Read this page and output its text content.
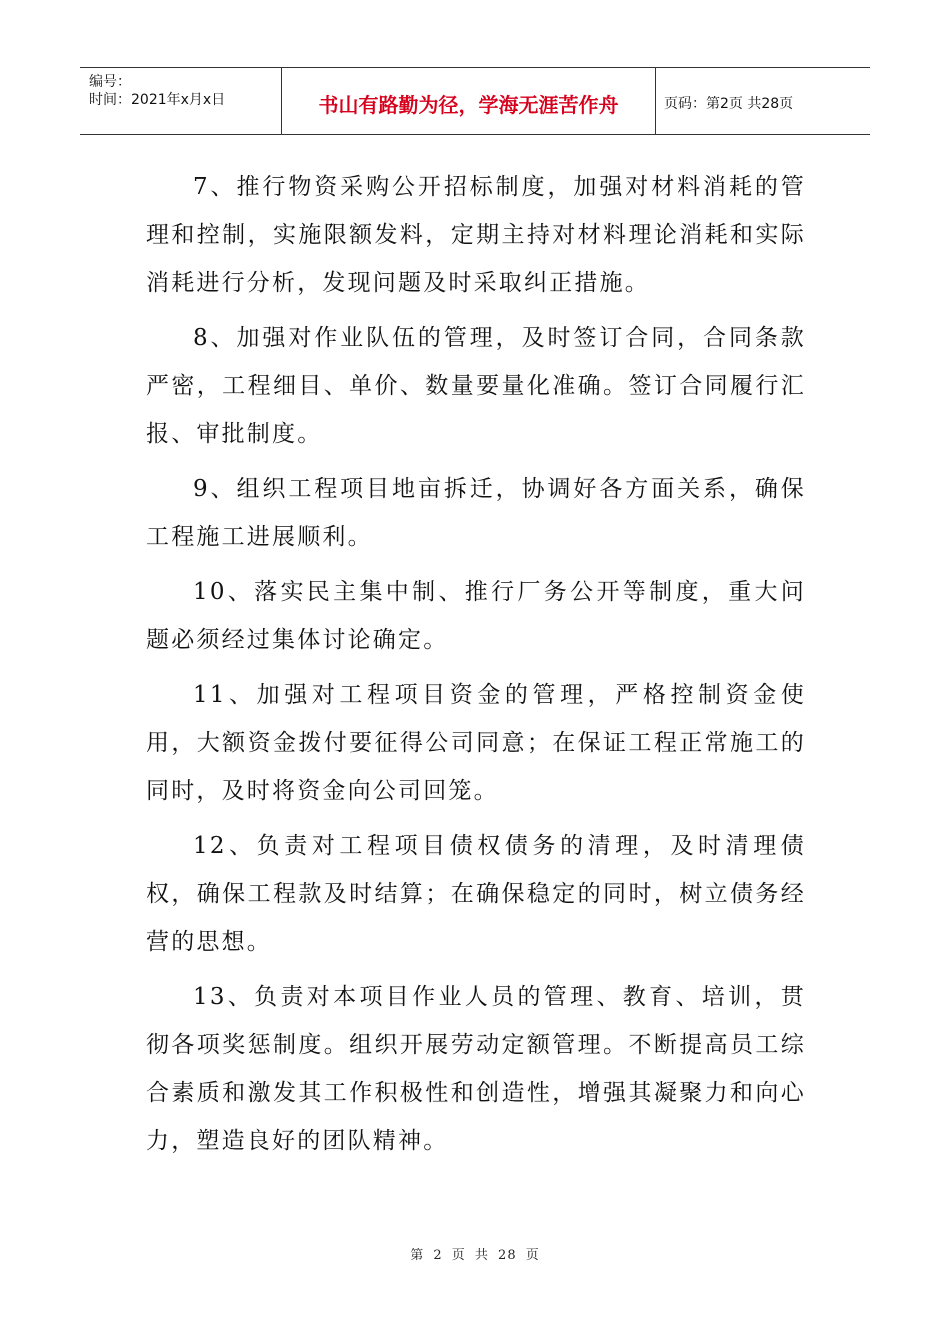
编号：
时间：2021年x月x日	书山有路勤为径，学海无涯苦作舟	页码：第2页 共28页

7、推行物资采购公开招标制度，加强对材料消耗的管理和控制，实施限额发料，定期主持对材料理论消耗和实际消耗进行分析，发现问题及时采取纠正措施。

8、加强对作业队伍的管理，及时签订合同，合同条款严密，工程细目、单价、数量要量化准确。签订合同履行汇报、审批制度。

9、组织工程项目地亩拆迁，协调好各方面关系，确保工程施工进展顺利。

10、落实民主集中制、推行厂务公开等制度，重大问题必须经过集体讨论确定。

11、加强对工程项目资金的管理，严格控制资金使用，大额资金拨付要征得公司同意；在保证工程正常施工的同时，及时将资金向公司回笼。

12、负责对工程项目债权债务的清理，及时清理债权，确保工程款及时结算；在确保稳定的同时，树立债务经营的思想。

13、负责对本项目作业人员的管理、教育、培训，贯彻各项奖惩制度。组织开展劳动定额管理。不断提高员工综合素质和激发其工作积极性和创造性，增强其凝聚力和向心力，塑造良好的团队精神。

第 2 页 共 28 页
